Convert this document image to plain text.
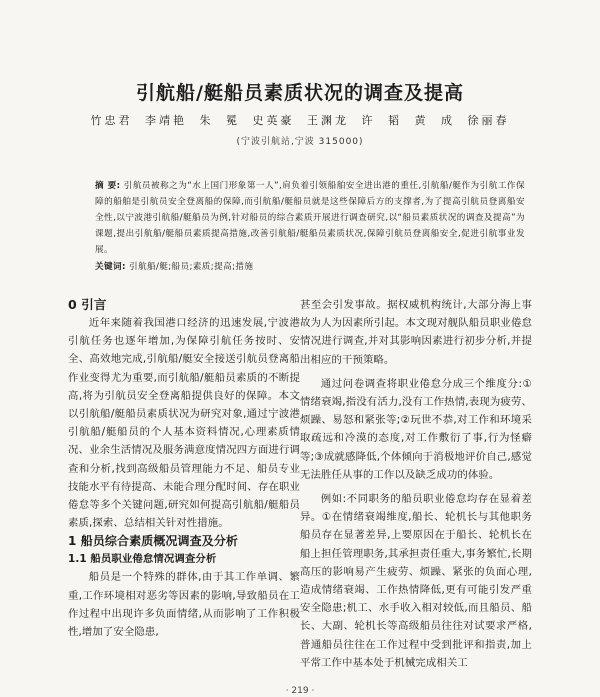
引航船/艇船员素质状况的调查及提高
竹忠君 李靖艳 朱 冕 史英豪 王渊龙 许 韬 黄 成 徐丽春
(宁波引航站,宁波 315000)
摘 要: 引航员被称之为“水上国门形象第一人”,肩负着引领船舶安全进出港的重任,引航船/艇作为引航工作保障的船舶是引航员安全登离船的保障,而引航船/艇船员就是这些保障后方的支撑者,为了提高引航员登离船安全性,以宁波港引航船/艇船员为例,针对船员的综合素质开展进行调查研究,以“船员素质状况的调查及提高”为课题,提出引航船/艇船员素质提高措施,改善引航船/艇船员素质状况,保障引航员登离船安全,促进引航事业发展。
关键词: 引航船/艇;船员;素质;提高;措施

0 引言

近年来随着我国港口经济的迅速发展,宁波港引航任务也逐年增加,为保障引航任务按时、安全、高效地完成,引航船/艇安全接送引航员登离船作业变得尤为重要,而引航船/艇船员素质的不断提高,将为引航员安全登离船提供良好的保障。本文以引航船/艇船员素质状况为研究对象,通过宁波港引航船/艇船员的个人基本资料情况,心理素质情况、业余生活情况及服务满意度情况四方面进行调查和分析,找到高级船员管理能力不足、船员专业技能水平有待提高、未能合理分配时间、存在职业倦怠等多个关键问题,研究如何提高引航船/艇船员素质,探索、总结相关针对性措施。

1 船员综合素质概况调查及分析

1.1 船员职业倦怠情况调查分析

船员是一个特殊的群体,由于其工作单调、繁重,工作环境相对恶劣等因素的影响,导致船员在工作过程中出现许多负面情绪,从而影响了工作积极性,增加了安全隐患,

甚至会引发事故。据权威机构统计,大部分海上事故为人为因素所引起。本文现对舰队船员职业倦怠情况进行调查,并对其影响因素进行初步分析,并提出相应的干预策略。

通过问卷调查将职业倦怠分成三个维度分:①情绪衰竭,指没有活力,没有工作热情,表现为疲劳、烦躁、易怒和紧张等;②玩世不恭,对工作和环境采取疏远和冷漠的态度,对工作敷衍了事,行为怪癖等;③成就感降低,个体倾向于消极地评价自己,感觉无法胜任从事的工作以及缺乏成功的体验。

例如:不同职务的船员职业倦怠均存在显着差异。①在情绪衰竭维度,船长、轮机长与其他职务船员存在显著差异,上要原因在于船长、轮机长在船上担任管理职务,其承担责任重大,事务繁忙,长期高压的影响易产生疲劳、烦躁、紧张的负面心理,造成情绪衰竭、工作热情降低,更有可能引发严重安全隐患;机工、水手收入相对较低,而且船员、船长、大副、轮机长等高级船员往往对试要求严格,普通船员往往在工作过程中受到批评和指责,加上平常工作中基本处于机械完成相关工

· 219 ·
